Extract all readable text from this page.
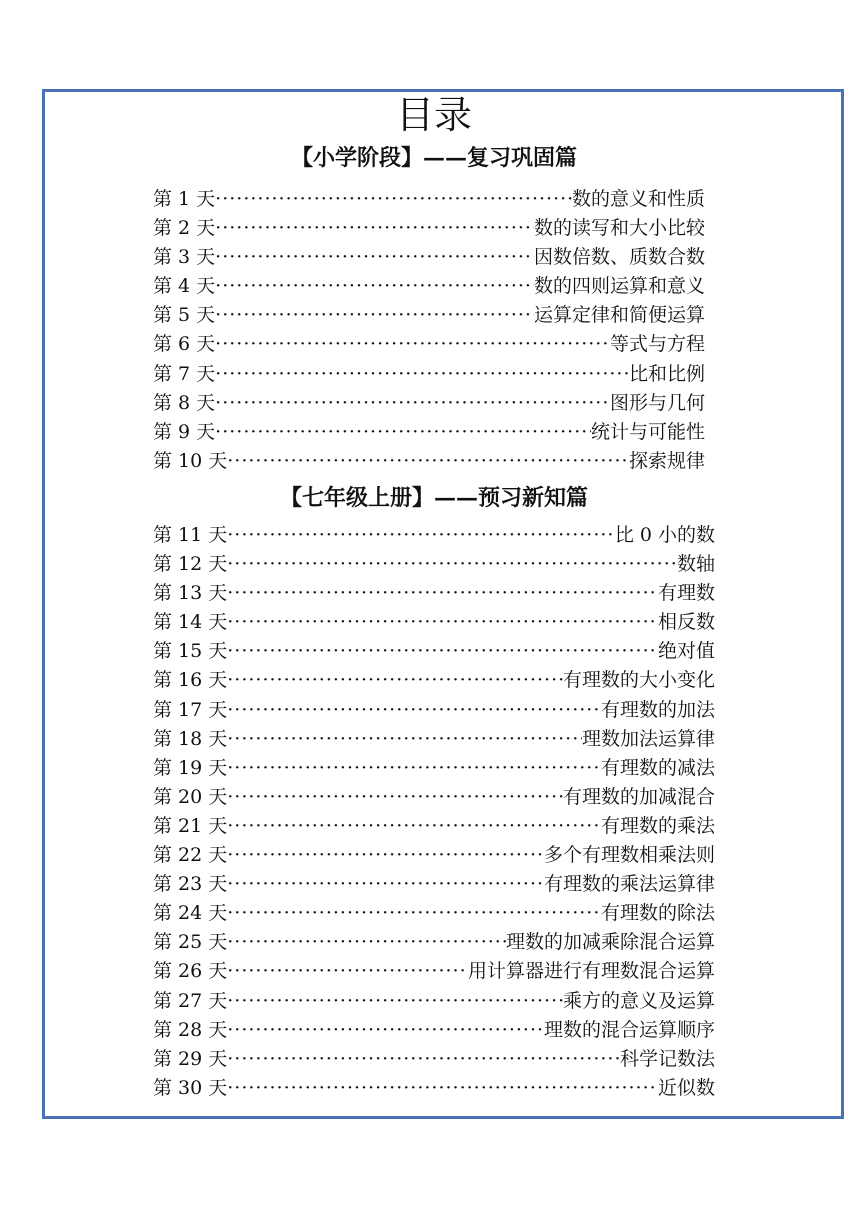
目录
【小学阶段】——复习巩固篇
第 1 天 ·····	数的意义和性质
第 2 天 ·····	数的读写和大小比较
第 3 天 ·····	因数倍数、质数合数
第 4 天 ·····	数的四则运算和意义
第 5 天 ·····	运算定律和简便运算
第 6 天 ·····	等式与方程
第 7 天 ·····	比和比例
第 8 天 ·····	图形与几何
第 9 天 ·····	统计与可能性
第 10 天 ·····	探索规律
【七年级上册】——预习新知篇
第 11 天 ·····	比 0 小的数
第 12 天 ·····	数轴
第 13 天 ·····	有理数
第 14 天 ·····	相反数
第 15 天 ·····	绝对值
第 16 天 ·····	有理数的大小变化
第 17 天 ·····	有理数的加法
第 18 天 ·····	理数加法运算律
第 19 天 ·····	有理数的减法
第 20 天 ·····	有理数的加减混合
第 21 天 ·····	有理数的乘法
第 22 天 ·····	多个有理数相乘法则
第 23 天 ·····	有理数的乘法运算律
第 24 天 ·····	有理数的除法
第 25 天 ·····	理数的加减乘除混合运算
第 26 天 ·····	用计算器进行有理数混合运算
第 27 天 ·····	乘方的意义及运算
第 28 天 ·····	理数的混合运算顺序
第 29 天 ·····	科学记数法
第 30 天 ·····	近似数
